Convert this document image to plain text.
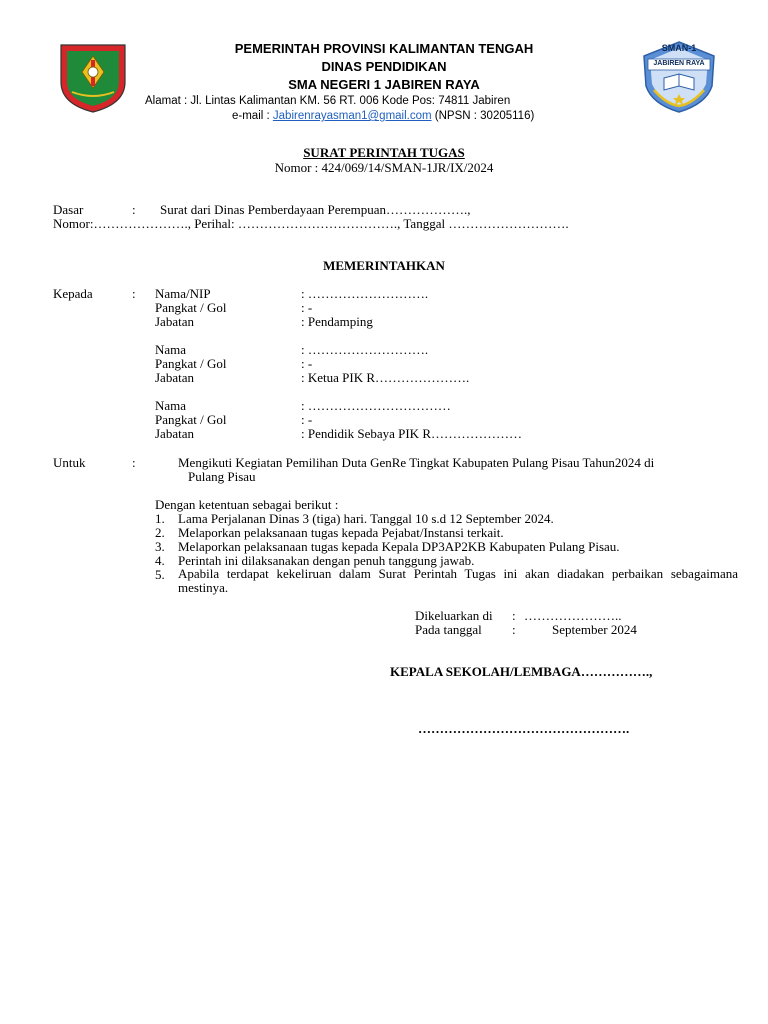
SMAN-1
JABIREN RAYA
PEMERINTAH PROVINSI KALIMANTAN TENGAH
DINAS PENDIDIKAN
SMA NEGERI 1 JABIREN RAYA
Alamat : Jl. Lintas Kalimantan KM. 56 RT. 006 Kode Pos: 74811 Jabiren
e-mail : Jabirenrayasman1@gmail.com (NPSN : 30205116)
SURAT PERINTAH TUGAS
Nomor : 424/069/14/SMAN-1JR/IX/2024
Dasar	: Surat dari Dinas Pemberdayaan Perempuan……………….,
Nomor:…………………., Perihal: ………………………………., Tanggal ……………………….
MEMERINTAHKAN
Kepada	: Nama/NIP	: ……………………….
Pangkat / Gol	: -
Jabatan	: Pendamping
Nama	: ……………………….
Pangkat / Gol	: -
Jabatan	: Ketua PIK R………………….
Nama	: ……………………………
Pangkat / Gol	: -
Jabatan	: Pendidik Sebaya PIK R…………………
Untuk	:	Mengikuti Kegiatan Pemilihan Duta GenRe Tingkat Kabupaten Pulang Pisau Tahun2024 di
Pulang Pisau
Dengan ketentuan sebagai berikut :
1. Lama Perjalanan Dinas 3 (tiga) hari. Tanggal 10 s.d 12 September 2024.
2. Melaporkan pelaksanaan tugas kepada Pejabat/Instansi terkait.
3. Melaporkan pelaksanaan tugas kepada Kepala DP3AP2KB Kabupaten Pulang Pisau.
4. Perintah ini dilaksanakan dengan penuh tanggung jawab.
5. Apabila terdapat kekeliruan dalam Surat Perintah Tugas ini akan diadakan perbaikan sebagaimana mestinya.
Dikeluarkan di : …………………..
Pada tanggal :	September 2024
KEPALA SEKOLAH/LEMBAGA…………….,
………………………………………….
